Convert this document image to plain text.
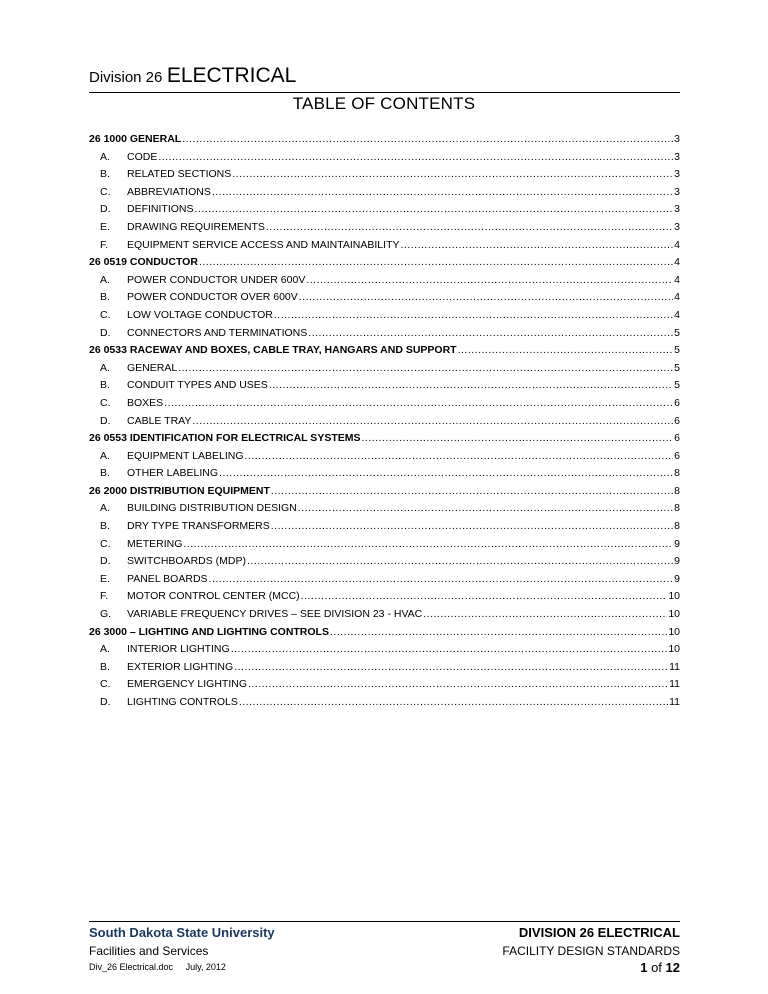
Division 26 ELECTRICAL
TABLE OF CONTENTS
26 1000 GENERAL .....	3
A.	CODE .....	3
B.	RELATED SECTIONS .....	3
C.	ABBREVIATIONS .....	3
D.	DEFINITIONS .....	3
E.	DRAWING REQUIREMENTS .....	3
F.	EQUIPMENT SERVICE ACCESS AND MAINTAINABILITY .....	4
26 0519 CONDUCTOR .....	4
A.	POWER CONDUCTOR UNDER 600V .....	4
B.	POWER CONDUCTOR OVER 600V .....	4
C.	LOW VOLTAGE CONDUCTOR .....	4
D.	CONNECTORS AND TERMINATIONS .....	5
26 0533 RACEWAY AND BOXES, CABLE TRAY, HANGARS AND SUPPORT .....	5
A.	GENERAL .....	5
B.	CONDUIT TYPES AND USES .....	5
C.	BOXES .....	6
D.	CABLE TRAY .....	6
26 0553 IDENTIFICATION FOR ELECTRICAL SYSTEMS .....	6
A.	EQUIPMENT LABELING .....	6
B.	OTHER LABELING .....	8
26 2000 DISTRIBUTION EQUIPMENT .....	8
A.	BUILDING DISTRIBUTION DESIGN .....	8
B.	DRY TYPE TRANSFORMERS .....	8
C.	METERING .....	9
D.	SWITCHBOARDS (MDP) .....	9
E.	PANEL BOARDS .....	9
F.	MOTOR CONTROL CENTER (MCC) .....	10
G.	VARIABLE FREQUENCY DRIVES – SEE DIVISION 23 - HVAC .....	10
26 3000 – LIGHTING AND LIGHTING CONTROLS .....	10
A.	INTERIOR LIGHTING .....	10
B.	EXTERIOR LIGHTING .....	11
C.	EMERGENCY LIGHTING .....	11
D.	LIGHTING CONTROLS .....	11
South Dakota State University
Facilities and Services
Div_26 Electrical.doc July, 2012
DIVISION 26 ELECTRICAL
FACILITY DESIGN STANDARDS
1 of 12
